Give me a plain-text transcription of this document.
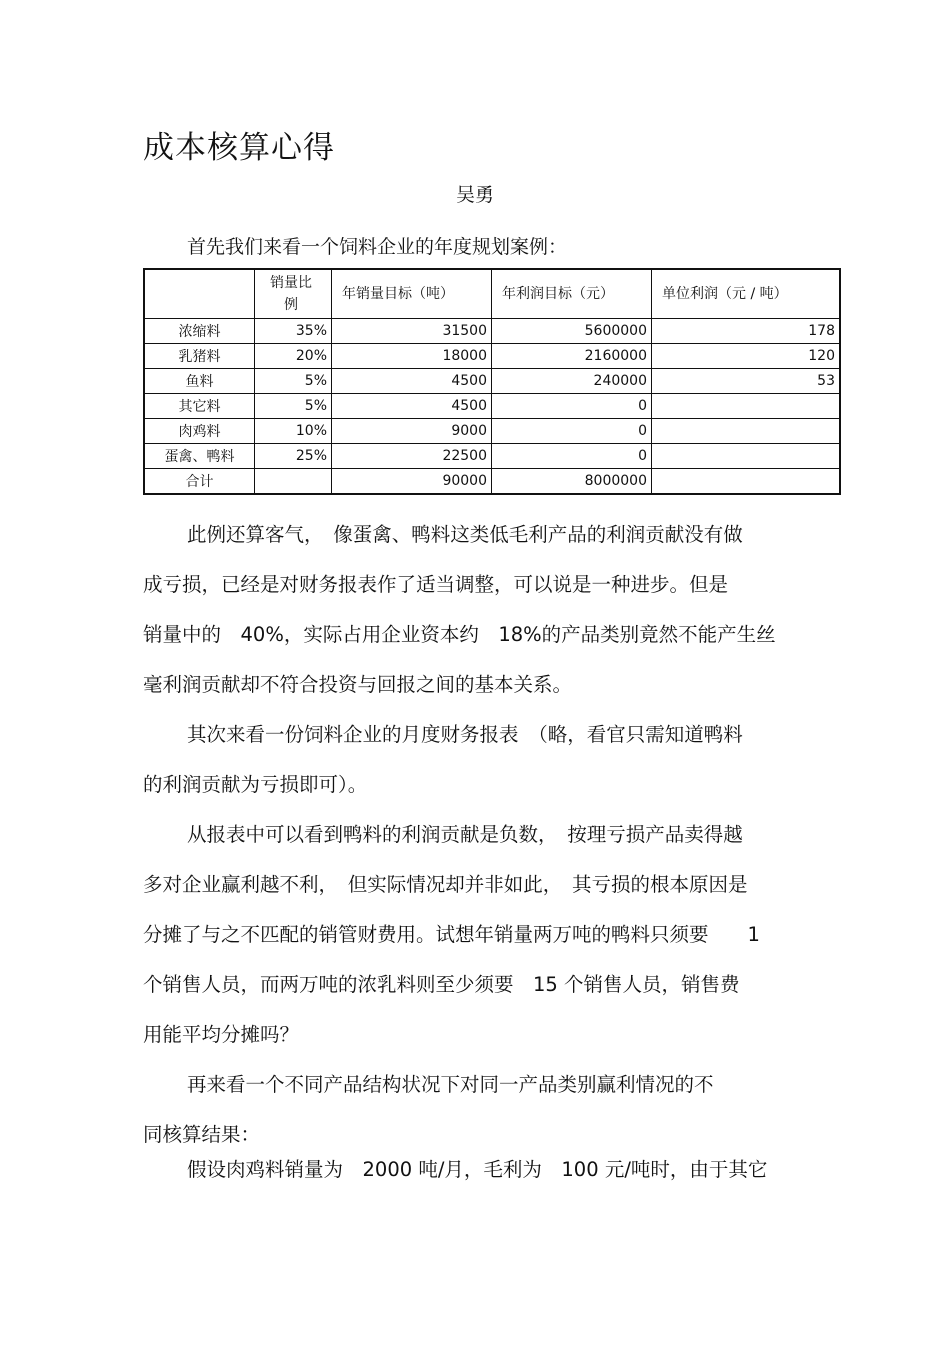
成本核算心得

吴勇

首先我们来看一个饲料企业的年度规划案例：

	销量比
例	年销量目标（吨）	年利润目标（元）	单位利润（元 / 吨）
浓缩料	35%	31500	5600000	178
乳猪料	20%	18000	2160000	120
鱼料	5%	4500	240000	53
其它料	5%	4500	0	
肉鸡料	10%	9000	0	
蛋禽、鸭料	25%	22500	0	
合计		90000	8000000	
此例还算客气，　像蛋禽、鸭料这类低毛利产品的利润贡献没有做
成亏损，已经是对财务报表作了适当调整，可以说是一种进步。但是
销量中的　40%，实际占用企业资本约　18%的产品类别竟然不能产生丝
毫利润贡献却不符合投资与回报之间的基本关系。
其次来看一份饲料企业的月度财务报表　（略，看官只需知道鸭料
的利润贡献为亏损即可）。
从报表中可以看到鸭料的利润贡献是负数，　按理亏损产品卖得越
多对企业赢利越不利，　但实际情况却并非如此，　其亏损的根本原因是
分摊了与之不匹配的销管财费用。试想年销量两万吨的鸭料只须要　　1
个销售人员，而两万吨的浓乳料则至少须要　15 个销售人员，销售费
用能平均分摊吗？
再来看一个不同产品结构状况下对同一产品类别赢利情况的不
同核算结果：
假设肉鸡料销量为　2000 吨/月，毛利为　100 元/吨时，由于其它
